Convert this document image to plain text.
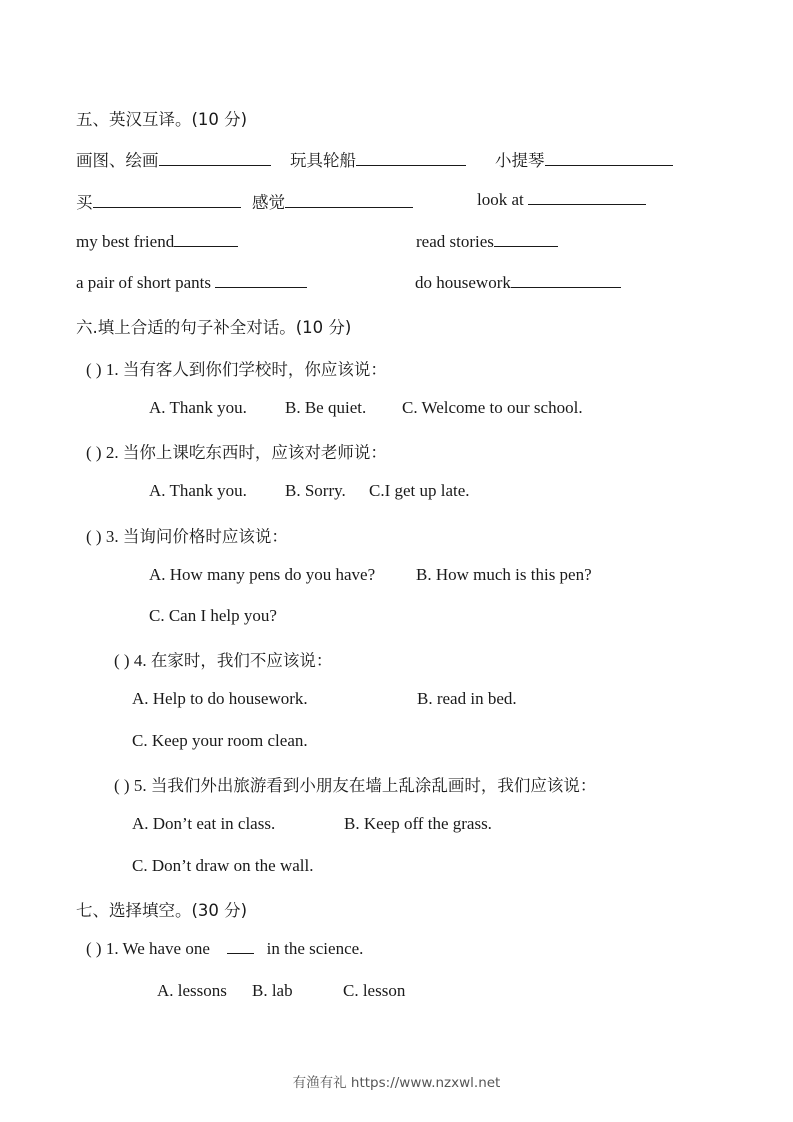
五、英汉互译。(10 分)
画图、绘画	玩具轮船	小提琴
买	感觉	look at
my best friend	read stories
a pair of short pants	do housework
六.填上合适的句子补全对话。(10 分)
( ) 1. 当有客人到你们学校时，你应该说：
A. Thank you. B. Be quiet. C. Welcome to our school.
( ) 2. 当你上课吃东西时，应该对老师说：
A. Thank you. B. Sorry. C.I get up late.
( ) 3. 当询问价格时应该说：
A. How many pens do you have? B. How much is this pen?
C. Can I help you?
( ) 4. 在家时，我们不应该说：
A. Help to do housework.	B. read in bed.
C. Keep your room clean.
( ) 5. 当我们外出旅游看到小朋友在墙上乱涂乱画时，我们应该说：
A. Don’t eat in class.	B. Keep off the grass.
C. Don’t draw on the wall.
七、选择填空。(30 分)
( ) 1. We have one	in the science.
A. lessons B. lab	C. lesson
有渔有礼 https://www.nzxwl.net
